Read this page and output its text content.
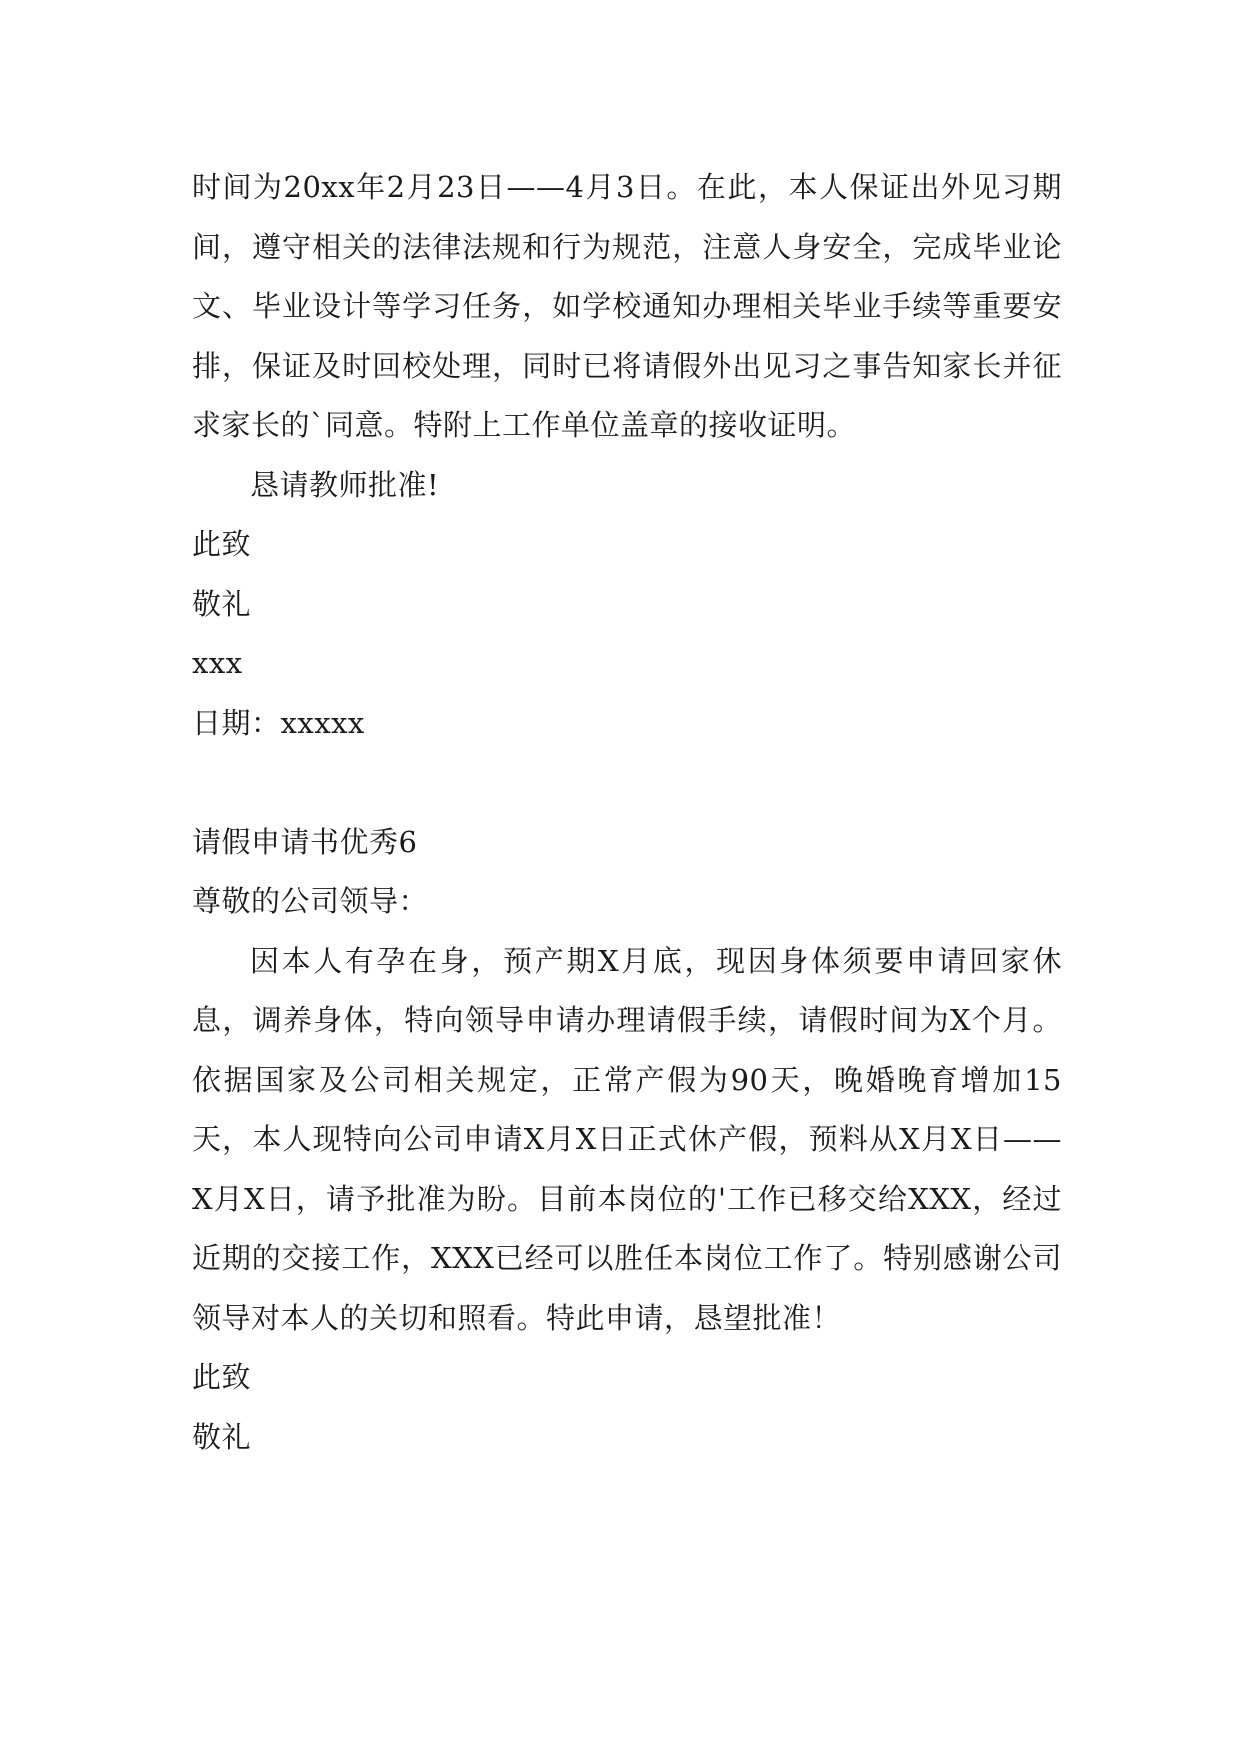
时间为20xx年2月23日——4月3日。在此，本人保证出外见习期间，遵守相关的法律法规和行为规范，注意人身安全，完成毕业论文、毕业设计等学习任务，如学校通知办理相关毕业手续等重要安排，保证及时回校处理，同时已将请假外出见习之事告知家长并征求家长的`同意。特附上工作单位盖章的接收证明。

恳请教师批准!

此致

敬礼

xxx

日期：xxxxx

请假申请书优秀6

尊敬的公司领导：

因本人有孕在身，预产期X月底，现因身体须要申请回家休息，调养身体，特向领导申请办理请假手续，请假时间为X个月。依据国家及公司相关规定，正常产假为90天，晚婚晚育增加15天，本人现特向公司申请X月X日正式休产假，预料从X月X日——X月X日，请予批准为盼。目前本岗位的'工作已移交给XXX，经过近期的交接工作，XXX已经可以胜任本岗位工作了。特别感谢公司领导对本人的关切和照看。特此申请，恳望批准！

此致

敬礼
